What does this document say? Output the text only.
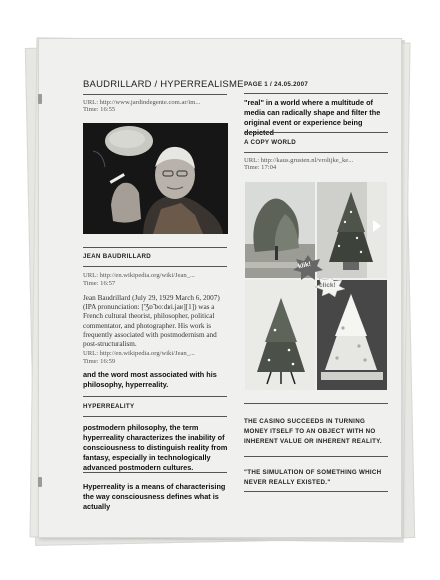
BAUDRILLARD / HYPERREALISME
URL: http://www.jardindegente.com.ar/im...
Time: 16:55
JEAN BAUDRILLARD
URL: http://en.wikipedia.org/wiki/Jean_...
Time: 16:57
Jean Baudrillard (July 29, 1929 March 6, 2007) (IPA pronunciation: ['Ʒɒ̃ boːdʁi.jaʁ][1]) was a French cultural theorist, philosopher, political commentator, and photographer. His work is frequently associated with postmodernism and post-structuralism.
URL: http://en.wikipedia.org/wiki/Jean_...
Time: 16:59
and the word most associated with his philosophy, hyperreality.
HYPERREALITY
postmodern philosophy, the term hyperreality characterizes the inability of consciousness to distinguish reality from fantasy, especially in technologically advanced postmodern cultures.
Hyperreality is a means of characterising the way consciousness defines what is actually
PAGE 1 / 24.05.2007
"real" in a world where a multitude of media can radically shape and filter the original event or experience being
A COPY WORLD
URL: http://kaus.grusten.nl/vrolijke_ke...
Time: 17:04
klik!
click!
THE CASINO SUCCEEDS IN TURNING MONEY ITSELF TO AN OBJECT WITH NO INHERENT VALUE OR INHERENT REALITY.
"THE SIMULATION OF SOMETHING WHICH NEVER REALLY EXISTED."
